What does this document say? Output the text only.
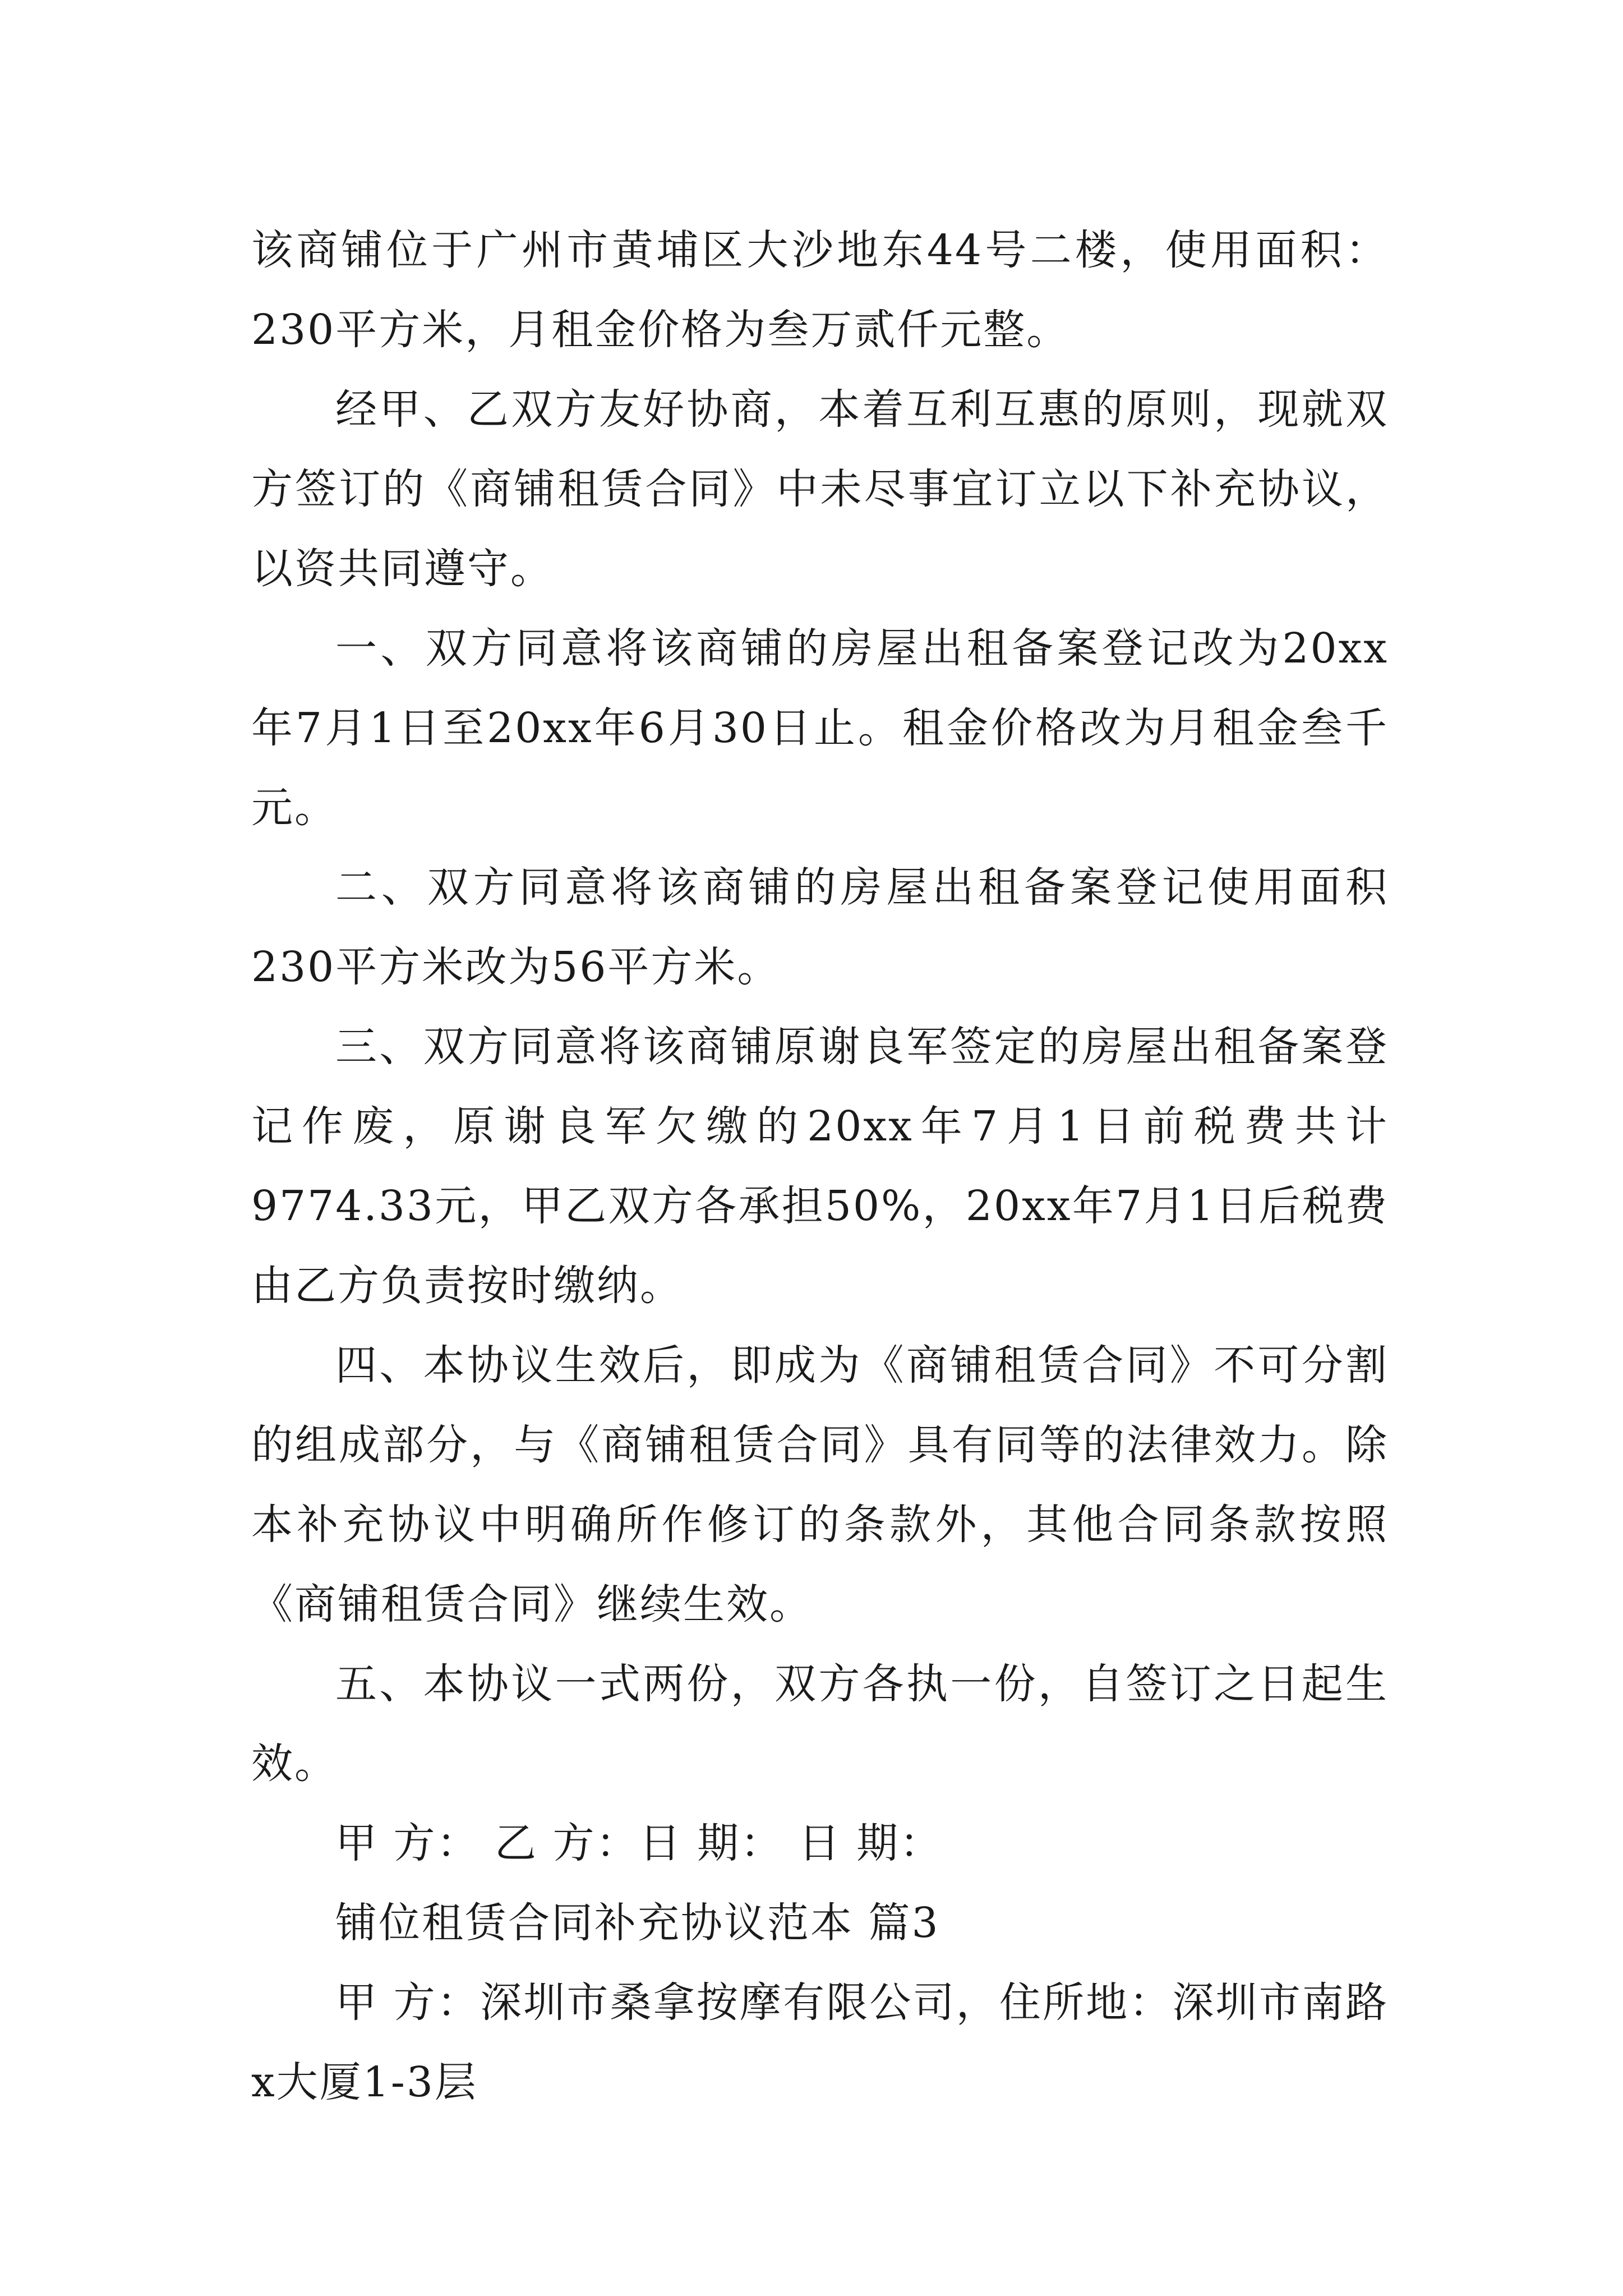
该商铺位于广州市黄埔区大沙地东44号二楼，使用面积：230平方米，月租金价格为叁万贰仟元整。

经甲、乙双方友好协商，本着互利互惠的原则，现就双方签订的《商铺租赁合同》中未尽事宜订立以下补充协议，以资共同遵守。

一、双方同意将该商铺的房屋出租备案登记改为20xx年7月1日至20xx年6月30日止。租金价格改为月租金叁千元。

二、双方同意将该商铺的房屋出租备案登记使用面积230平方米改为56平方米。

三、双方同意将该商铺原谢良军签定的房屋出租备案登记作废，原谢良军欠缴的20xx年7月1日前税费共计9774.33元，甲乙双方各承担50%，20xx年7月1日后税费由乙方负责按时缴纳。

四、本协议生效后，即成为《商铺租赁合同》不可分割的组成部分，与《商铺租赁合同》具有同等的法律效力。除本补充协议中明确所作修订的条款外，其他合同条款按照《商铺租赁合同》继续生效。

五、本协议一式两份，双方各执一份，自签订之日起生效。

甲 方： 乙 方：日 期： 日 期：

铺位租赁合同补充协议范本 篇3

甲 方：深圳市桑拿按摩有限公司，住所地：深圳市南路x大厦1-3层
